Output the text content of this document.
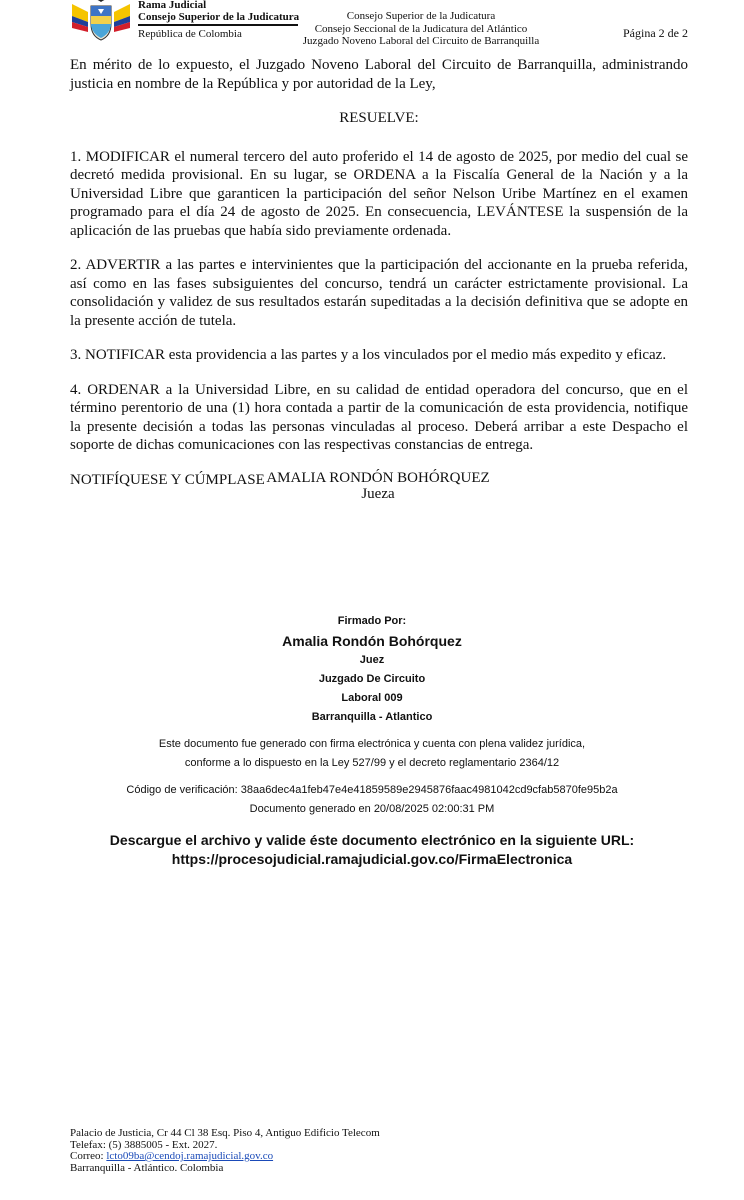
Rama Judicial
Consejo Superior de la Judicatura
República de Colombia
Consejo Superior de la Judicatura
Consejo Seccional de la Judicatura del Atlántico
Juzgado Noveno Laboral del Circuito de Barranquilla
Página 2 de 2

En mérito de lo expuesto, el Juzgado Noveno Laboral del Circuito de Barranquilla, administrando justicia en nombre de la República y por autoridad de la Ley,

RESUELVE:

1. MODIFICAR el numeral tercero del auto proferido el 14 de agosto de 2025, por medio del cual se decretó medida provisional. En su lugar, se ORDENA a la Fiscalía General de la Nación y a la Universidad Libre que garanticen la participación del señor Nelson Uribe Martínez en el examen programado para el día 24 de agosto de 2025. En consecuencia, LEVÁNTESE la suspensión de la aplicación de las pruebas que había sido previamente ordenada.

2. ADVERTIR a las partes e intervinientes que la participación del accionante en la prueba referida, así como en las fases subsiguientes del concurso, tendrá un carácter estrictamente provisional. La consolidación y validez de sus resultados estarán supeditadas a la decisión definitiva que se adopte en la presente acción de tutela.

3. NOTIFICAR esta providencia a las partes y a los vinculados por el medio más expedito y eficaz.

4. ORDENAR a la Universidad Libre, en su calidad de entidad operadora del concurso, que en el término perentorio de una (1) hora contada a partir de la comunicación de esta providencia, notifique la presente decisión a todas las personas vinculadas al proceso. Deberá arribar a este Despacho el soporte de dichas comunicaciones con las respectivas constancias de entrega.

NOTIFÍQUESE Y CÚMPLASE AMALIA RONDÓN BOHÓRQUEZ
Jueza
Firmado Por:
Amalia Rondón Bohórquez
Juez
Juzgado De Circuito
Laboral 009
Barranquilla - Atlantico
Este documento fue generado con firma electrónica y cuenta con plena validez jurídica,
conforme a lo dispuesto en la Ley 527/99 y el decreto reglamentario 2364/12
Código de verificación: 38aa6dec4a1feb47e4e41859589e2945876faac4981042cd9cfab5870fe95b2a
Documento generado en 20/08/2025 02:00:31 PM
Descargue el archivo y valide éste documento electrónico en la siguiente URL:
https://procesojudicial.ramajudicial.gov.co/FirmaElectronica
Palacio de Justicia, Cr 44 Cl 38 Esq. Piso 4, Antiguo Edificio Telecom
Telefax: (5) 3885005 - Ext. 2027.
Correo: lcto09ba@cendoj.ramajudicial.gov.co
Barranquilla - Atlántico. Colombia
